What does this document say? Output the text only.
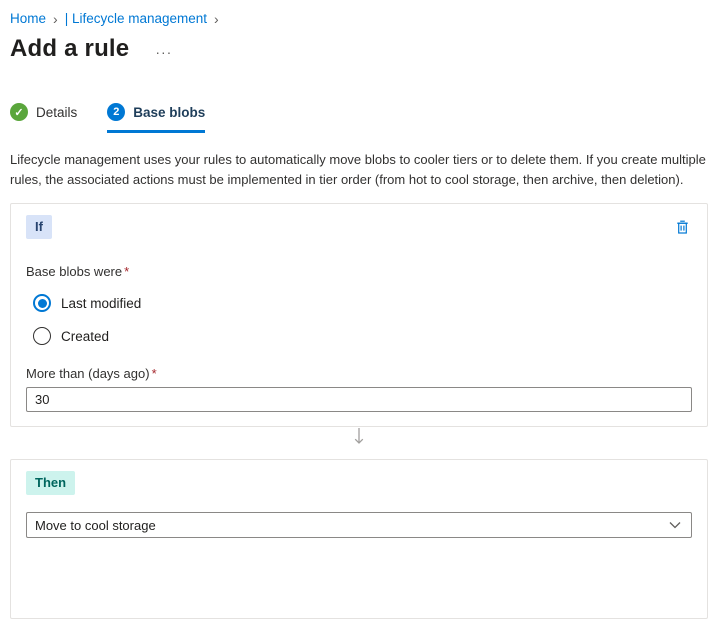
Home › | Lifecycle management ›
Add a rule ···
✓ Details	2	Base blobs

Lifecycle management uses your rules to automatically move blobs to cooler tiers or to delete them. If you create multiple rules, the associated actions must be implemented in tier order (from hot to cool storage, then archive, then deletion).

If
Base blobs were *
Last modified
Created
More than (days ago) *
30
Then
Move to cool storage
